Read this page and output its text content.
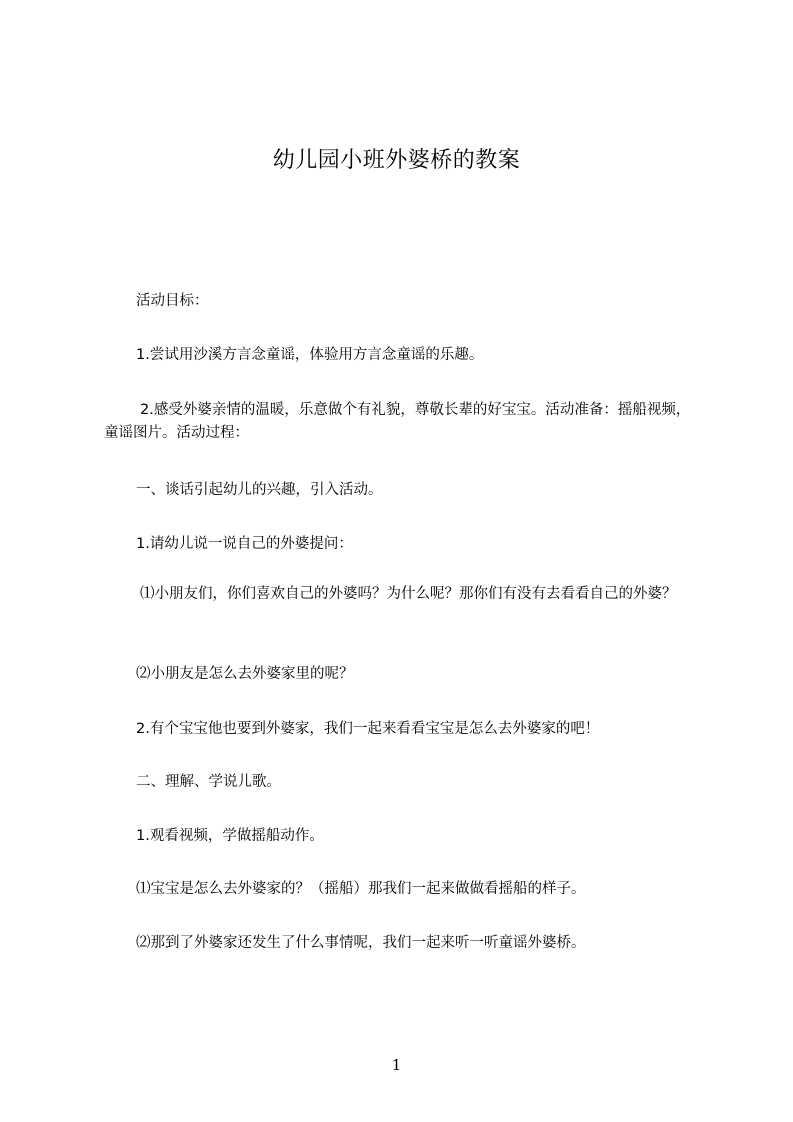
幼儿园小班外婆桥的教案
活动目标：
1.尝试用沙溪方言念童谣，体验用方言念童谣的乐趣。
2.感受外婆亲情的温暖，乐意做个有礼貌，尊敬长辈的好宝宝。活动准备：摇船视频，童谣图片。活动过程：
一、谈话引起幼儿的兴趣，引入活动。
1.请幼儿说一说自己的外婆提问：
⑴小朋友们，你们喜欢自己的外婆吗？为什么呢？那你们有没有去看看自己的外婆？
⑵小朋友是怎么去外婆家里的呢？
2.有个宝宝他也要到外婆家，我们一起来看看宝宝是怎么去外婆家的吧！
二、理解、学说儿歌。
1.观看视频，学做摇船动作。
⑴宝宝是怎么去外婆家的？（摇船）那我们一起来做做看摇船的样子。
⑵那到了外婆家还发生了什么事情呢，我们一起来听一听童谣外婆桥。
1
